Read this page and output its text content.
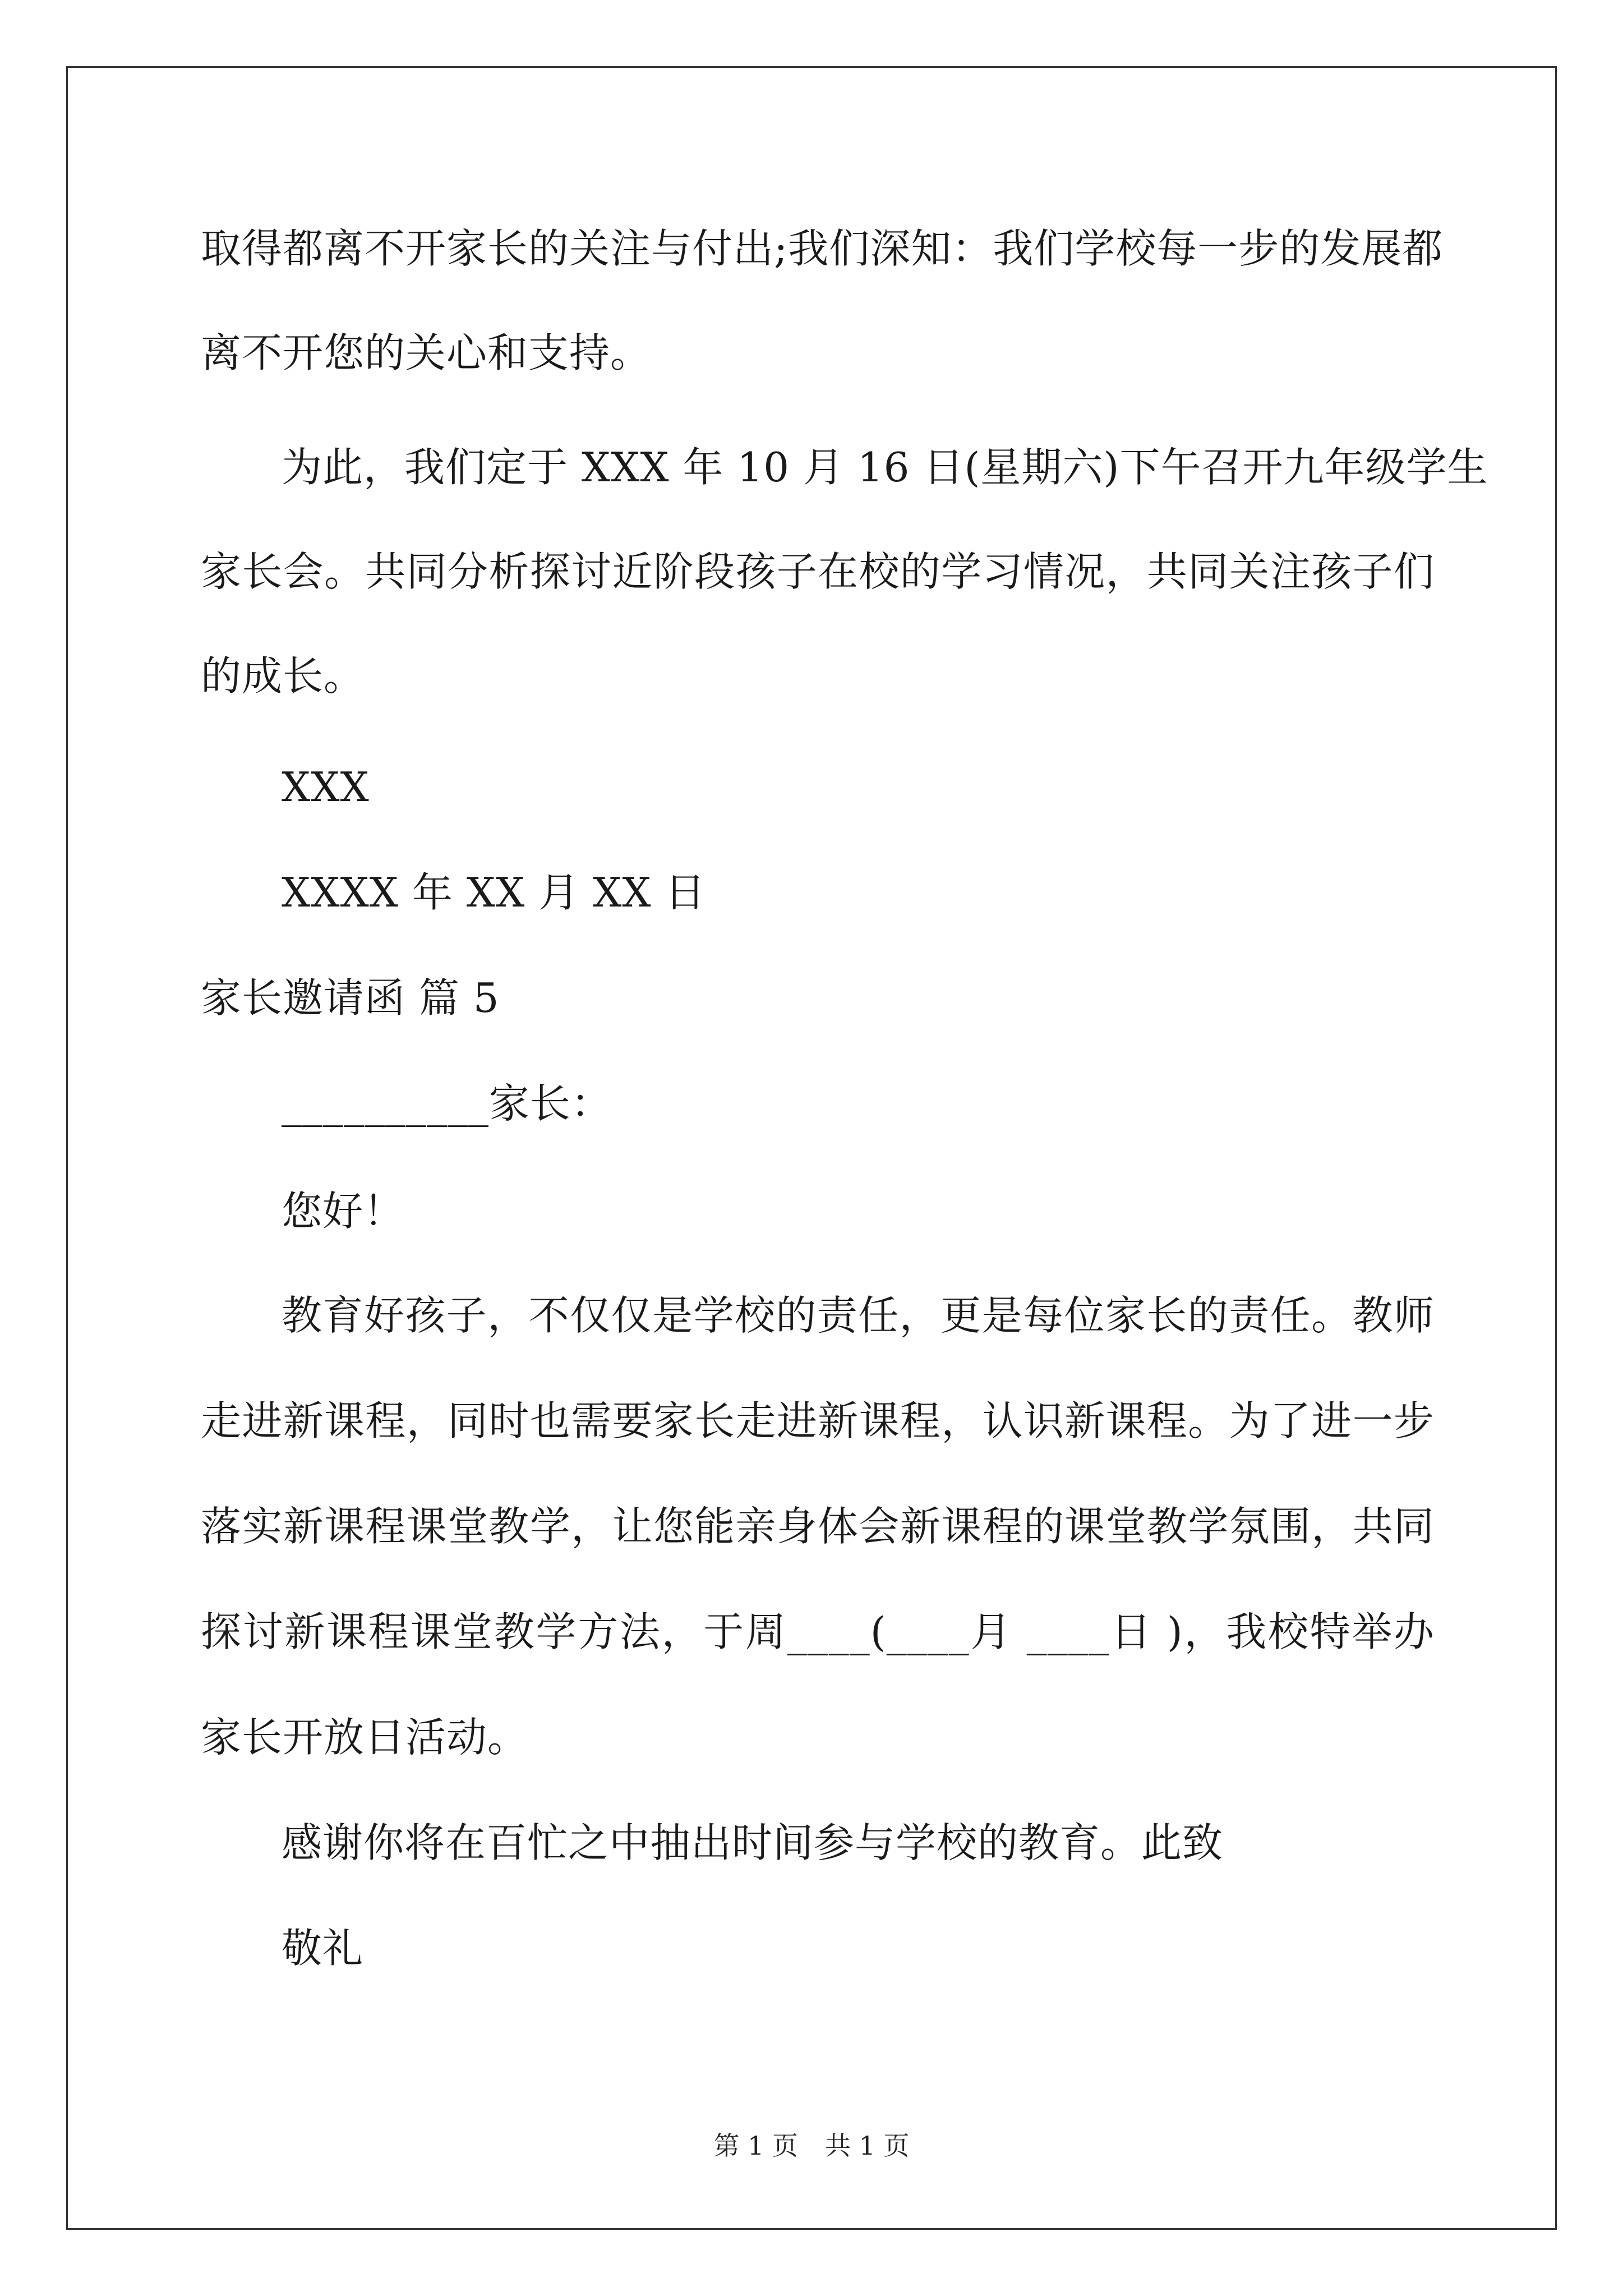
取得都离不开家长的关注与付出;我们深知：我们学校每一步的发展都
离不开您的关心和支持。
为此，我们定于 XXX 年 10 月 16 日(星期六)下午召开九年级学生
家长会。共同分析探讨近阶段孩子在校的学习情况，共同关注孩子们
的成长。
XXX
XXXX 年 XX 月 XX 日
家长邀请函 篇 5
__________家长：
您好！
教育好孩子，不仅仅是学校的责任，更是每位家长的责任。教师
走进新课程，同时也需要家长走进新课程，认识新课程。为了进一步
落实新课程课堂教学，让您能亲身体会新课程的课堂教学氛围，共同
探讨新课程课堂教学方法，于周____(____月 ____日 )，我校特举办
家长开放日活动。
感谢你将在百忙之中抽出时间参与学校的教育。此致
敬礼
第 1 页 共 1 页
